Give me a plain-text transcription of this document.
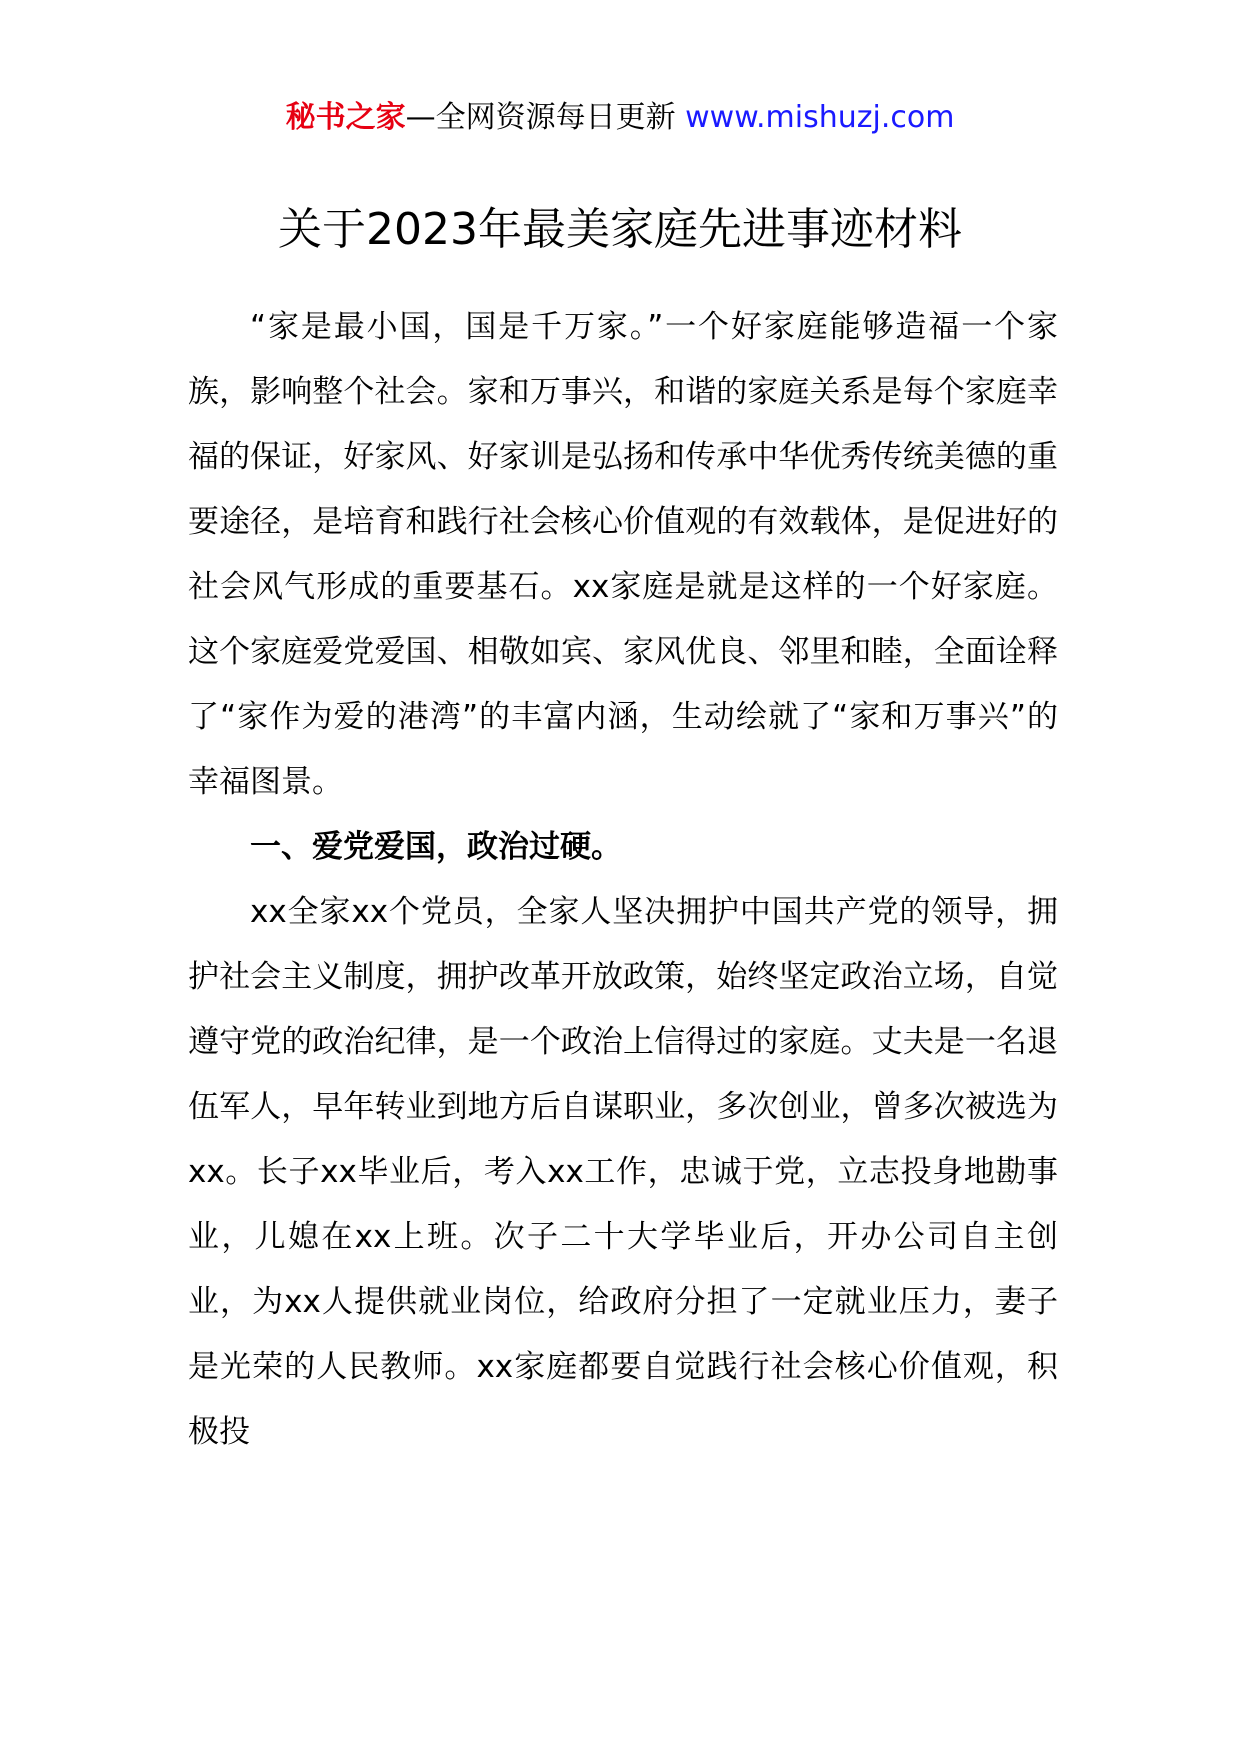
秘书之家—全网资源每日更新 www.mishuzj.com
关于2023年最美家庭先进事迹材料

“家是最小国，国是千万家。”一个好家庭能够造福一个家族，影响整个社会。家和万事兴，和谐的家庭关系是每个家庭幸福的保证，好家风、好家训是弘扬和传承中华优秀传统美德的重要途径，是培育和践行社会核心价值观的有效载体，是促进好的社会风气形成的重要基石。xx家庭是就是这样的一个好家庭。这个家庭爱党爱国、相敬如宾、家风优良、邻里和睦，全面诠释了“家作为爱的港湾”的丰富内涵，生动绘就了“家和万事兴”的幸福图景。

一、爱党爱国，政治过硬。

xx全家xx个党员，全家人坚决拥护中国共产党的领导，拥护社会主义制度，拥护改革开放政策，始终坚定政治立场，自觉遵守党的政治纪律，是一个政治上信得过的家庭。丈夫是一名退伍军人，早年转业到地方后自谋职业，多次创业，曾多次被选为xx。长子xx毕业后，考入xx工作，忠诚于党，立志投身地勘事业，儿媳在xx上班。次子二十大学毕业后，开办公司自主创业，为xx人提供就业岗位，给政府分担了一定就业压力，妻子是光荣的人民教师。xx家庭都要自觉践行社会核心价值观，积极投
